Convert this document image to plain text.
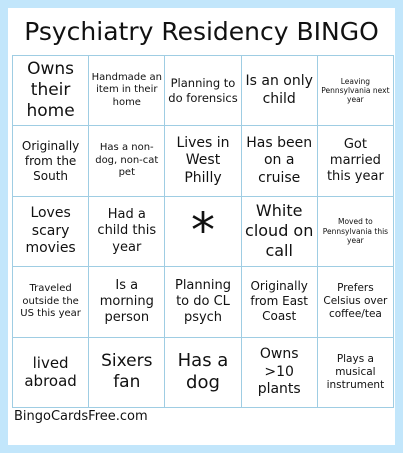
Psychiatry Residency BINGO
Owns their home
Handmade an item in their home
Planning to do forensics
Is an only child
Leaving Pennsylvania next year
Originally from the South
Has a non-dog, non-cat pet
Lives in West Philly
Has been on a cruise
Got married this year
Loves scary movies
Had a child this year	*	White cloud on call
Moved to Pennsylvania this year
Traveled outside the US this year
Is a morning person
Planning to do CL psych
Originally from East Coast
Prefers Celsius over coffee/tea
lived abroad
Sixers fan
Has a dog
Owns >10 plants
Plays a musical instrument
BingoCardsFree.com
